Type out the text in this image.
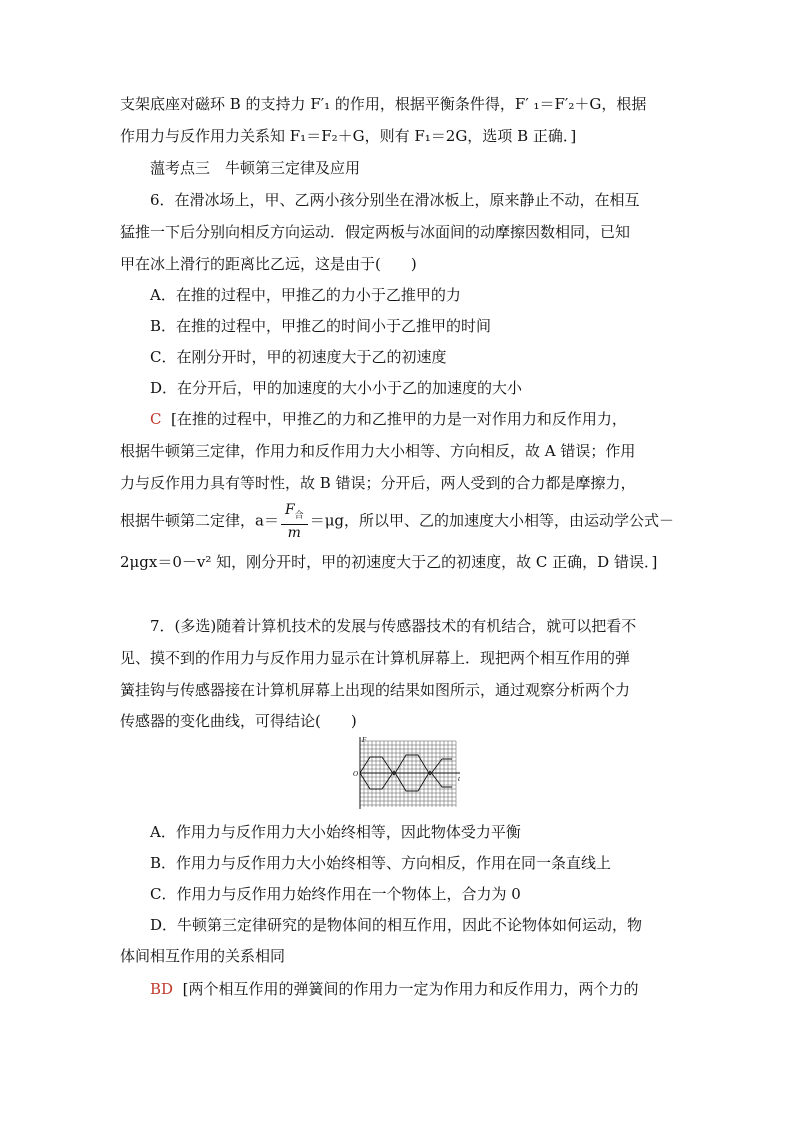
支架底座对磁环 B 的支持力 F′₁ 的作用，根据平衡条件得，F′ ₁＝F′₂＋G，根据
作用力与反作用力关系知 F₁＝F₂＋G，则有 F₁＝2G，选项 B 正确．]
薀考点三　牛顿第三定律及应用
6．在滑冰场上，甲、乙两小孩分别坐在滑冰板上，原来静止不动，在相互
猛推一下后分别向相反方向运动．假定两板与冰面间的动摩擦因数相同，已知
甲在冰上滑行的距离比乙远，这是由于(　　)
A．在推的过程中，甲推乙的力小于乙推甲的力
B．在推的过程中，甲推乙的时间小于乙推甲的时间
C．在刚分开时，甲的初速度大于乙的初速度
D．在分开后，甲的加速度的大小小于乙的加速度的大小
C [在推的过程中，甲推乙的力和乙推甲的力是一对作用力和反作用力，
根据牛顿第三定律，作用力和反作用力大小相等、方向相反，故 A 错误；作用
力与反作用力具有等时性，故 B 错误；分开后，两人受到的合力都是摩擦力，
根据牛顿第二定律，$a= \frac{F_合}{m} =\mu g$，所以甲、乙的加速度大小相等，由运动学公式－
2μgx＝0－v² 知，刚分开时，甲的初速度大于乙的初速度，故 C 正确，D 错误．]
7．(多选)随着计算机技术的发展与传感器技术的有机结合，就可以把看不
见、摸不到的作用力与反作用力显示在计算机屏幕上．现把两个相互作用的弹
簧挂钩与传感器接在计算机屏幕上出现的结果如图所示，通过观察分析两个力
传感器的变化曲线，可得结论(　　)
F
t
O
A．作用力与反作用力大小始终相等，因此物体受力平衡
B．作用力与反作用力大小始终相等、方向相反，作用在同一条直线上
C．作用力与反作用力始终作用在一个物体上，合力为 0
D．牛顿第三定律研究的是物体间的相互作用，因此不论物体如何运动，物
体间相互作用的关系相同
BD [两个相互作用的弹簧间的作用力一定为作用力和反作用力，两个力的
